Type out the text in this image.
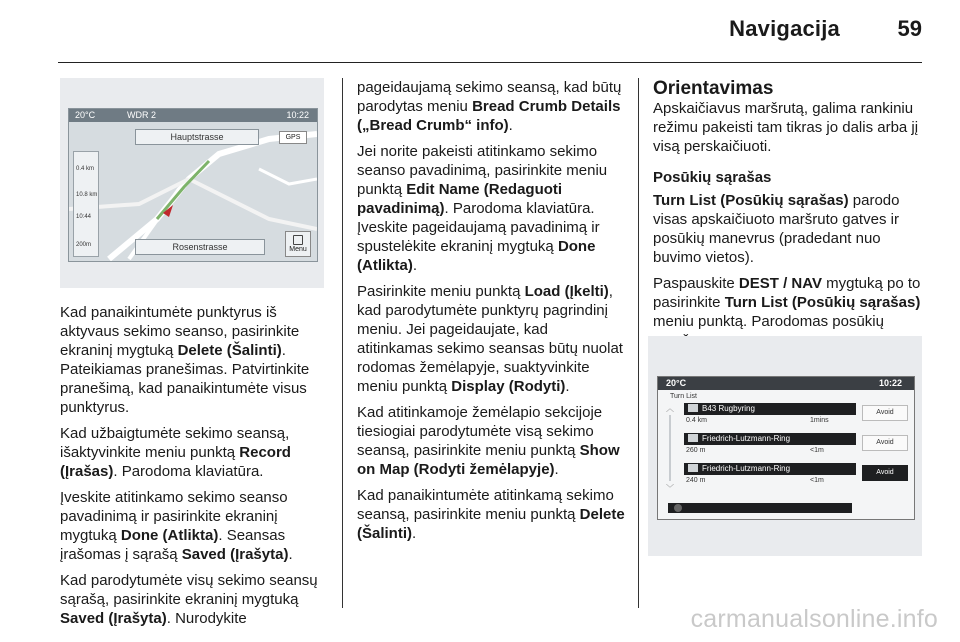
Navigacija	59
20°C	WDR 2	10:22
Hauptstrasse	GPS
0.4 km
10.8 km
10:44
200m	Rosenstrasse	Menu

Kad panaikintumėte punktyrus iš aktyvaus sekimo seanso, pasirinkite ekraninį mygtuką Delete (Šalinti). Pateikiamas pranešimas. Patvirtinkite pranešimą, kad panaikintumėte visus punktyrus.

Kad užbaigtumėte sekimo seansą, išaktyvinkite meniu punktą Record (Įrašas). Parodoma klaviatūra.

Įveskite atitinkamo sekimo seanso pavadinimą ir pasirinkite ekraninį mygtuką Done (Atlikta). Seansas įrašomas į sąrašą Saved (Įrašyta).

Kad parodytumėte visų sekimo seansų sąrašą, pasirinkite ekraninį mygtuką Saved (Įrašyta). Nurodykite

pageidaujamą sekimo seansą, kad būtų parodytas meniu Bread Crumb Details („Bread Crumb“ info).

Jei norite pakeisti atitinkamo sekimo seanso pavadinimą, pasirinkite meniu punktą Edit Name (Redaguoti pavadinimą). Parodoma klaviatūra. Įveskite pageidaujamą pavadinimą ir spustelėkite ekraninį mygtuką Done (Atlikta).

Pasirinkite meniu punktą Load (Įkelti), kad parodytumėte punktyrų pagrindinį meniu. Jei pageidaujate, kad atitinkamas sekimo seansas būtų nuolat rodomas žemėlapyje, suaktyvinkite meniu punktą Display (Rodyti).

Kad atitinkamoje žemėlapio sekcijoje tiesiogiai parodytumėte visą sekimo seansą, pasirinkite meniu punktą Show on Map (Rodyti žemėlapyje).

Kad panaikintumėte atitinkamą sekimo seansą, pasirinkite meniu punktą Delete (Šalinti).

Orientavimas

Apskaičiavus maršrutą, galima rankiniu režimu pakeisti tam tikras jo dalis arba jį visą perskaičiuoti.

Posūkių sąrašas

Turn List (Posūkių sąrašas) parodo visas apskaičiuoto maršruto gatves ir posūkių manevrus (pradedant nuo buvimo vietos).

Paspauskite DEST / NAV mygtuką po to pasirinkite Turn List (Posūkių sąrašas) meniu punktą. Parodomas posūkių

20°C	10:22
Turn List
︿
﹀
B43 Rugbyring
0.4 km	1mins
Avoid
Friedrich-Lutzmann-Ring
260 m	<1m
Avoid
Friedrich-Lutzmann-Ring
240 m	<1m
Avoid
carmanualsonline.info
